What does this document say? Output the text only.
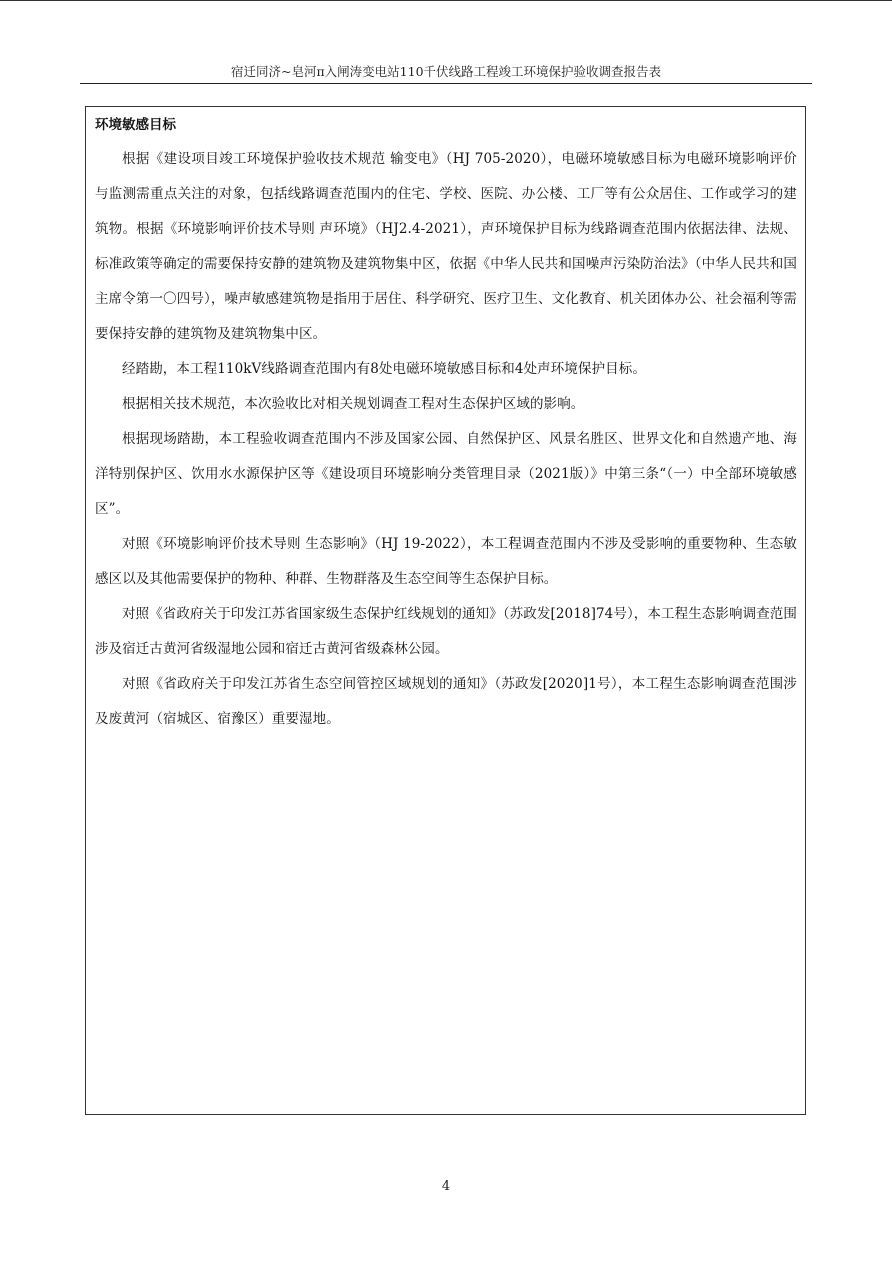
宿迁同济~皂河π入闸涛变电站110千伏线路工程竣工环境保护验收调查报告表
环境敏感目标

根据《建设项目竣工环境保护验收技术规范 输变电》（HJ 705-2020），电磁环境敏感目标为电磁环境影响评价与监测需重点关注的对象，包括线路调查范围内的住宅、学校、医院、办公楼、工厂等有公众居住、工作或学习的建筑物。根据《环境影响评价技术导则 声环境》（HJ2.4-2021），声环境保护目标为线路调查范围内依据法律、法规、标准政策等确定的需要保持安静的建筑物及建筑物集中区，依据《中华人民共和国噪声污染防治法》（中华人民共和国主席令第一〇四号），噪声敏感建筑物是指用于居住、科学研究、医疗卫生、文化教育、机关团体办公、社会福利等需要保持安静的建筑物及建筑物集中区。

经踏勘，本工程110kV线路调查范围内有8处电磁环境敏感目标和4处声环境保护目标。

根据相关技术规范，本次验收比对相关规划调查工程对生态保护区域的影响。

根据现场踏勘，本工程验收调查范围内不涉及国家公园、自然保护区、风景名胜区、世界文化和自然遗产地、海洋特别保护区、饮用水水源保护区等《建设项目环境影响分类管理目录（2021版）》中第三条“（一）中全部环境敏感区”。

对照《环境影响评价技术导则 生态影响》（HJ 19-2022），本工程调查范围内不涉及受影响的重要物种、生态敏感区以及其他需要保护的物种、种群、生物群落及生态空间等生态保护目标。

对照《省政府关于印发江苏省国家级生态保护红线规划的通知》（苏政发[2018]74号），本工程生态影响调查范围涉及宿迁古黄河省级湿地公园和宿迁古黄河省级森林公园。

对照《省政府关于印发江苏省生态空间管控区域规划的通知》（苏政发[2020]1号），本工程生态影响调查范围涉及废黄河（宿城区、宿豫区）重要湿地。

4
